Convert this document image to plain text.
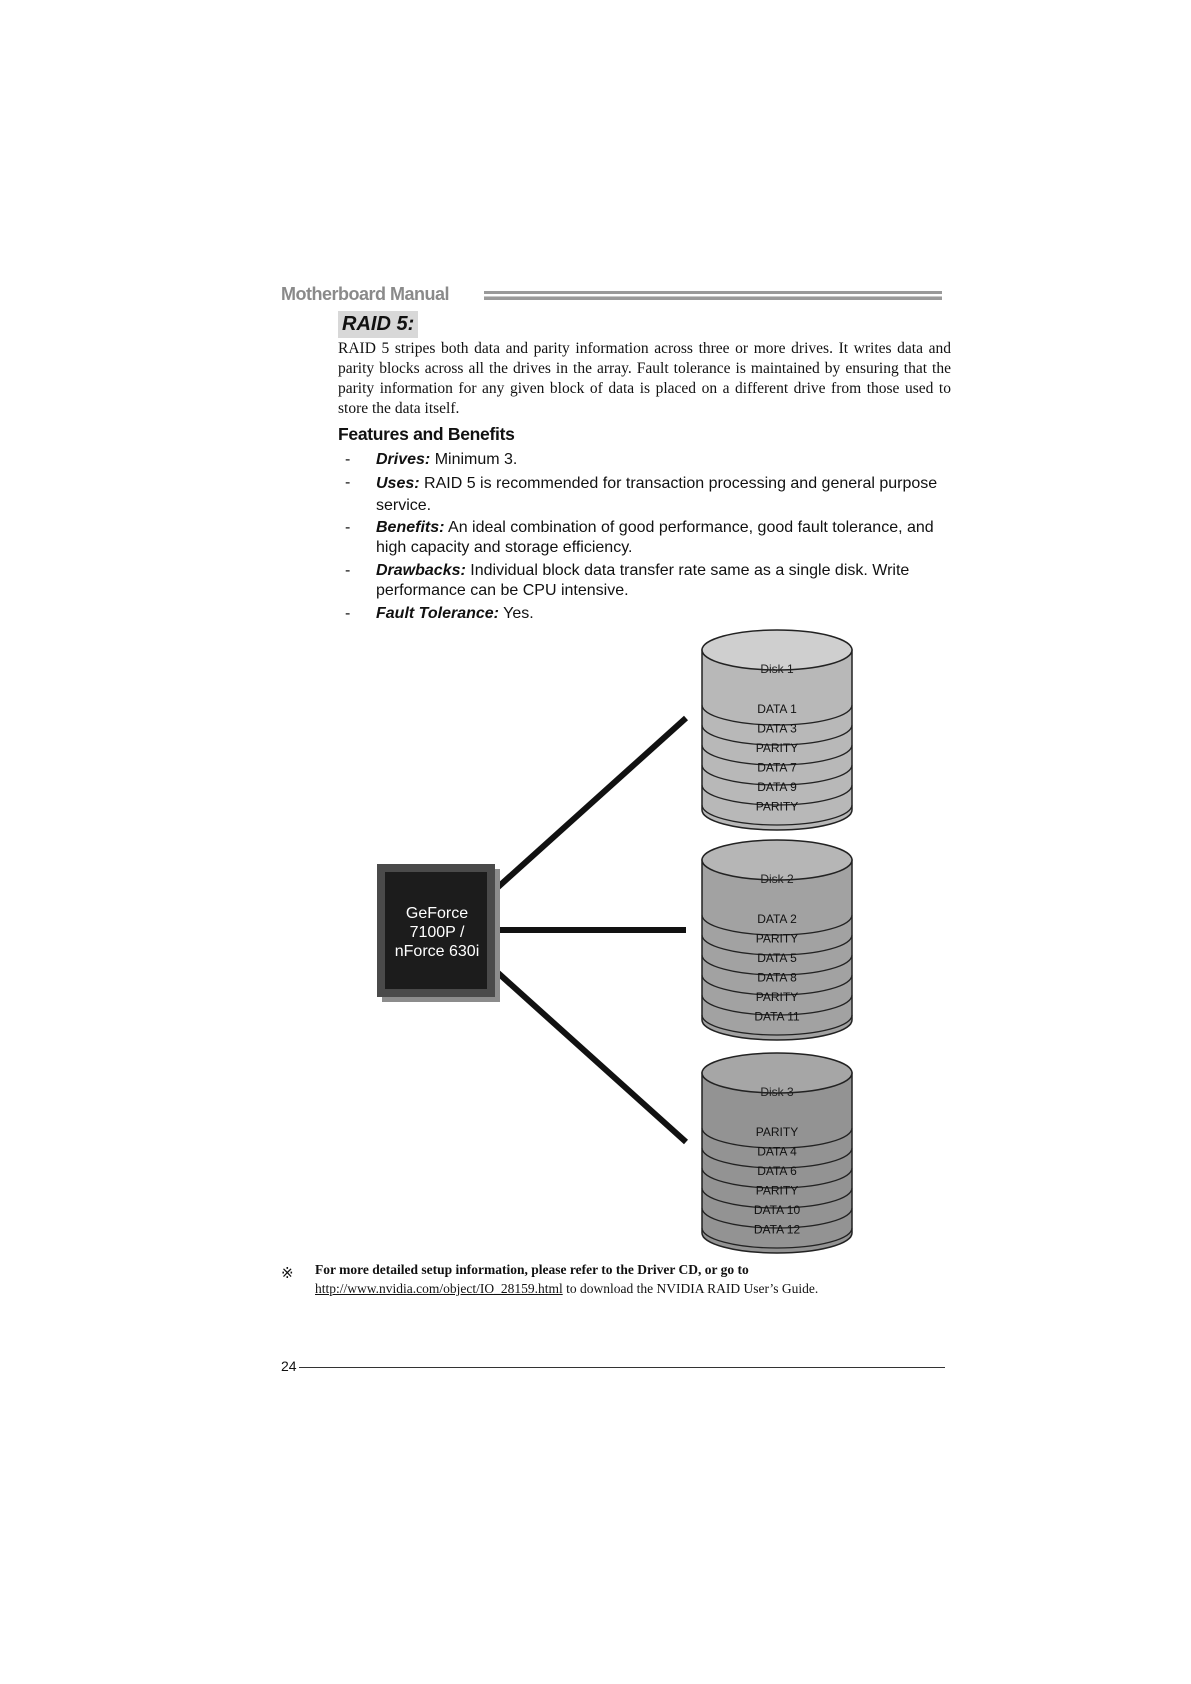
Motherboard Manual
RAID 5:

RAID 5 stripes both data and parity information across three or more drives. It writes data and parity blocks across all the drives in the array. Fault tolerance is maintained by ensuring that the parity information for any given block of data is placed on a different drive from those used to store the data itself.

Features and Benefits
-	Drives: Minimum 3.
-	Uses: RAID 5 is recommended for transaction processing and general purpose service.
-	Benefits: An ideal combination of good performance, good fault tolerance, and high capacity and storage efficiency.
-	Drawbacks: Individual block data transfer rate same as a single disk. Write performance can be CPU intensive.
-	Fault Tolerance: Yes.
GeForce
7100P /
nForce 630i
Disk 1
DATA 1
DATA 3
PARITY
DATA 7
DATA 9
PARITY
Disk 2
DATA 2
PARITY
DATA 5
DATA 8
PARITY
DATA 11
Disk 3
PARITY
DATA 4
DATA 6
PARITY
DATA 10
DATA 12
※ For more detailed setup information, please refer to the Driver CD, or go to
http://www.nvidia.com/object/IO_28159.html to download the NVIDIA RAID User’s Guide.
24
